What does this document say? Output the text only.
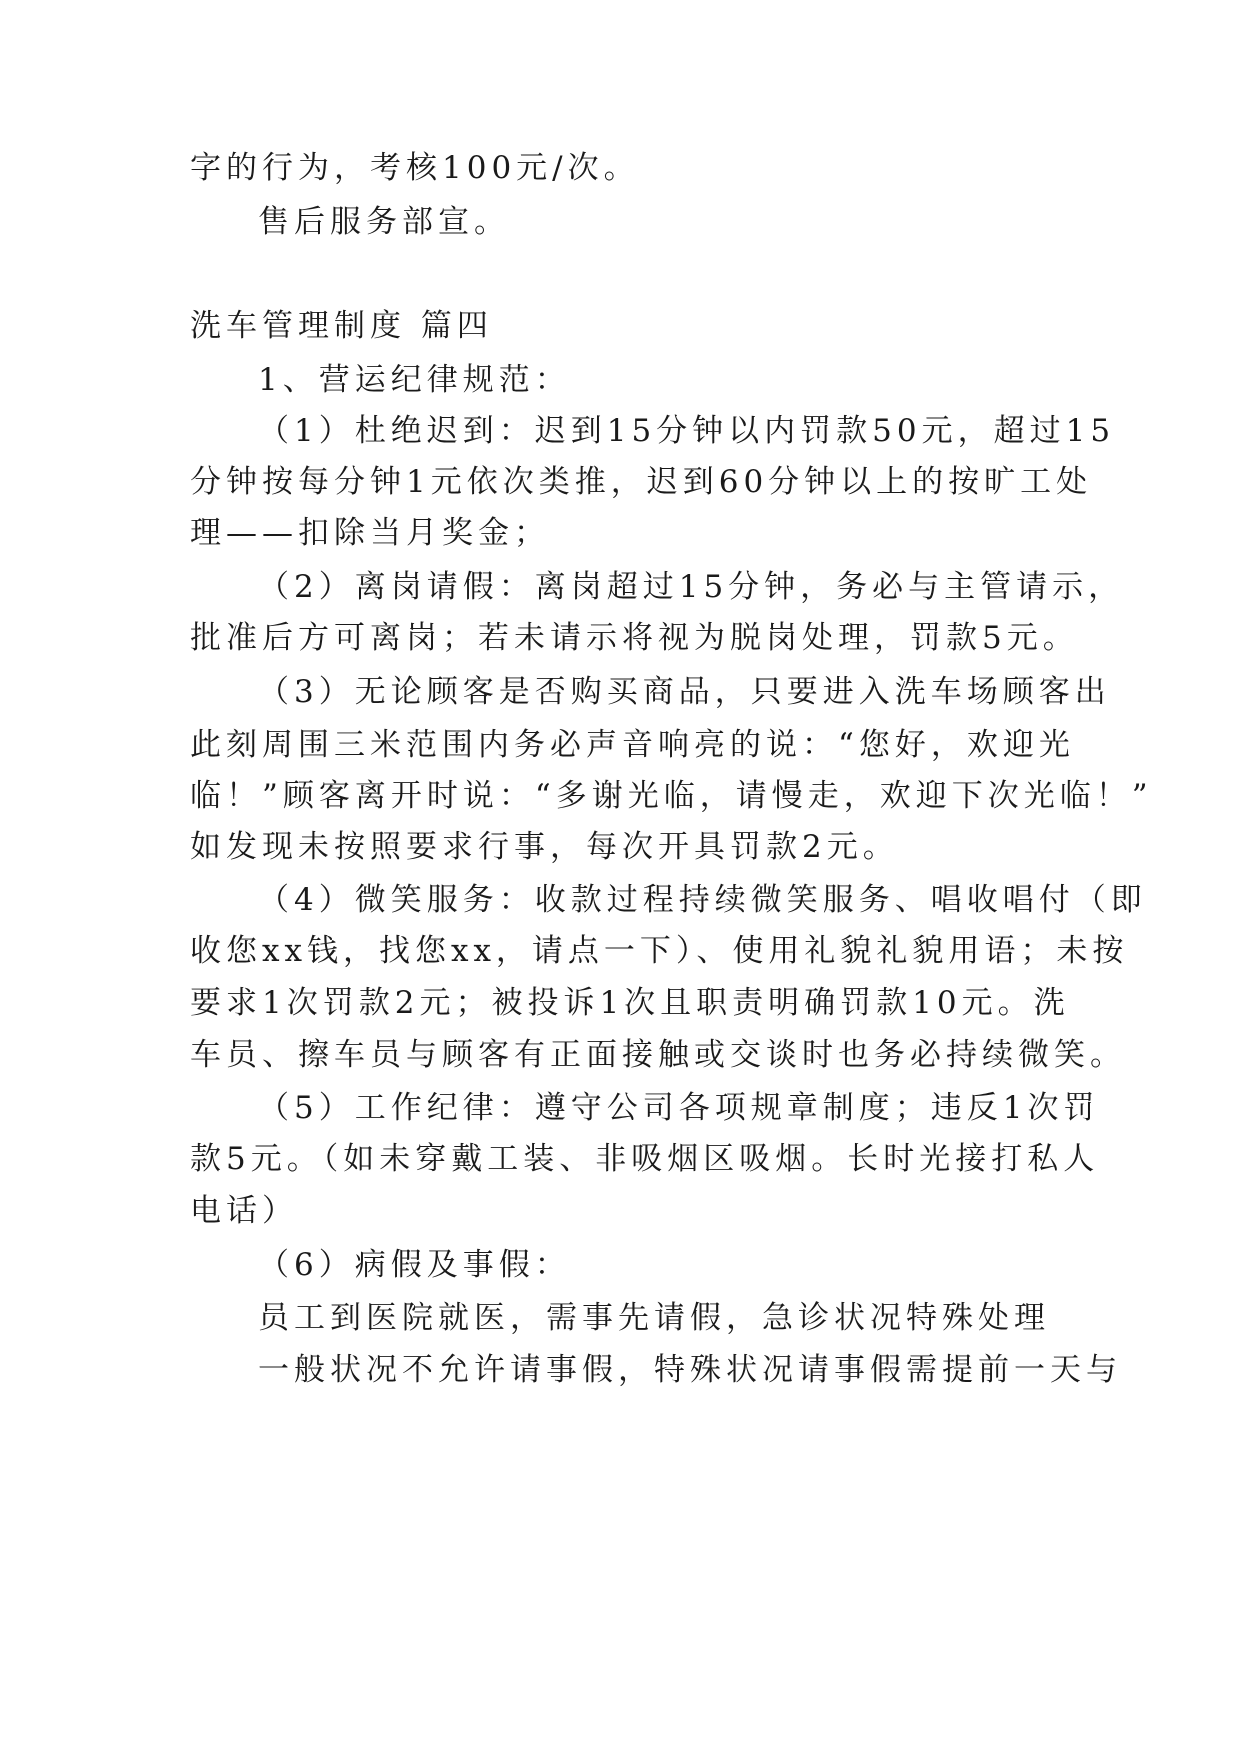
字的行为，考核100元/次。
售后服务部宣。
洗车管理制度 篇四
1、营运纪律规范：
（1）杜绝迟到：迟到15分钟以内罚款50元，超过15
分钟按每分钟1元依次类推，迟到60分钟以上的按旷工处
理——扣除当月奖金；
（2）离岗请假：离岗超过15分钟，务必与主管请示，
批准后方可离岗；若未请示将视为脱岗处理，罚款5元。
（3）无论顾客是否购买商品，只要进入洗车场顾客出
此刻周围三米范围内务必声音响亮的说：“您好，欢迎光
临！”顾客离开时说：“多谢光临，请慢走，欢迎下次光临！”
如发现未按照要求行事，每次开具罚款2元。
（4）微笑服务：收款过程持续微笑服务、唱收唱付（即
收您xx钱，找您xx，请点一下）、使用礼貌礼貌用语；未按
要求1次罚款2元；被投诉1次且职责明确罚款10元。洗
车员、擦车员与顾客有正面接触或交谈时也务必持续微笑。
（5）工作纪律：遵守公司各项规章制度；违反1次罚
款5元。（如未穿戴工装、非吸烟区吸烟。长时光接打私人
电话）
（6）病假及事假：
员工到医院就医，需事先请假，急诊状况特殊处理
一般状况不允许请事假，特殊状况请事假需提前一天与
